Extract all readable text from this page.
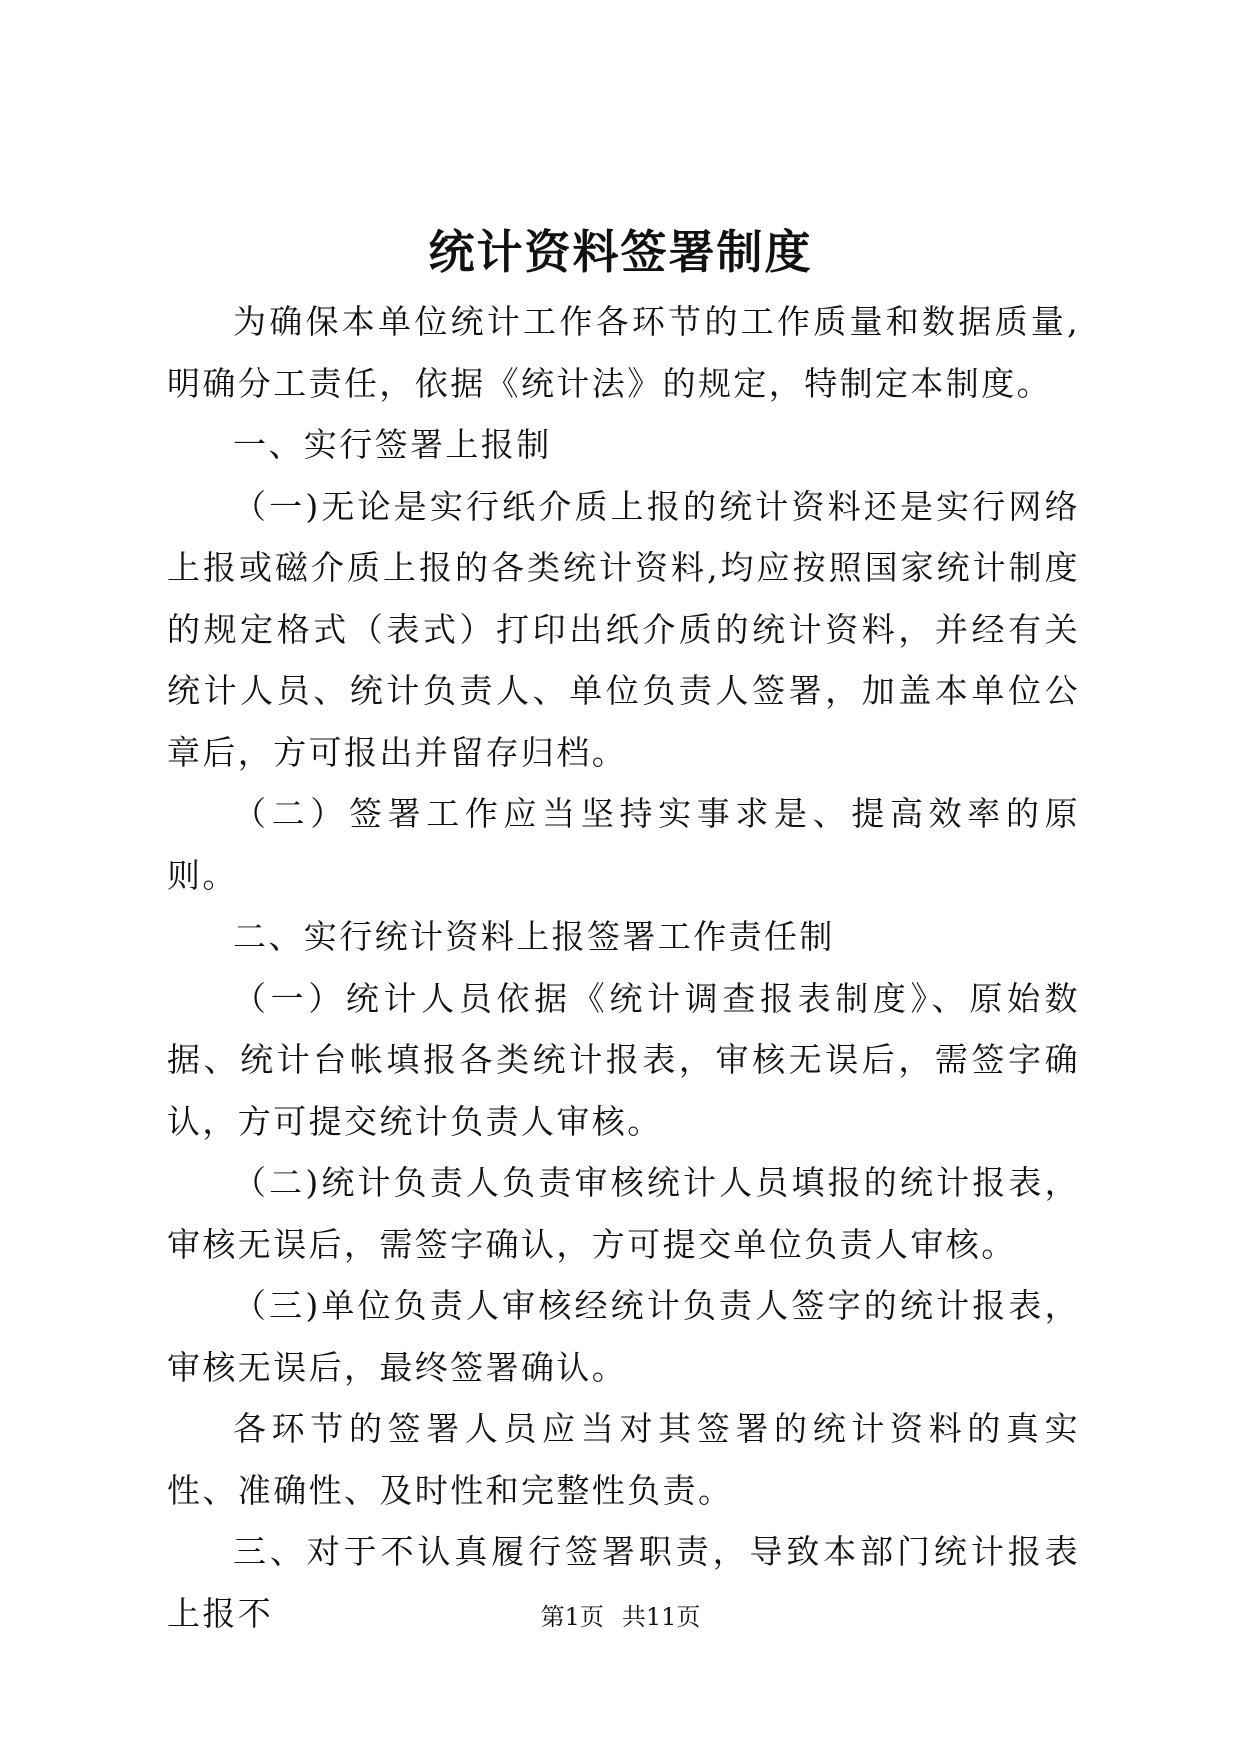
统计资料签署制度

为确保本单位统计工作各环节的工作质量和数据质量,明确分工责任，依据《统计法》的规定，特制定本制度。

一、实行签署上报制

（一)无论是实行纸介质上报的统计资料还是实行网络上报或磁介质上报的各类统计资料,均应按照国家统计制度的规定格式（表式）打印出纸介质的统计资料，并经有关统计人员、统计负责人、单位负责人签署，加盖本单位公章后，方可报出并留存归档。

（二）签署工作应当坚持实事求是、提高效率的原则。

二、实行统计资料上报签署工作责任制

（一）统计人员依据《统计调查报表制度》、原始数据、统计台帐填报各类统计报表，审核无误后，需签字确认，方可提交统计负责人审核。

（二)统计负责人负责审核统计人员填报的统计报表，审核无误后，需签字确认，方可提交单位负责人审核。

（三)单位负责人审核经统计负责人签字的统计报表，审核无误后，最终签署确认。

各环节的签署人员应当对其签署的统计资料的真实性、准确性、及时性和完整性负责。

三、对于不认真履行签署职责，导致本部门统计报表上报不	第1页 共11页
